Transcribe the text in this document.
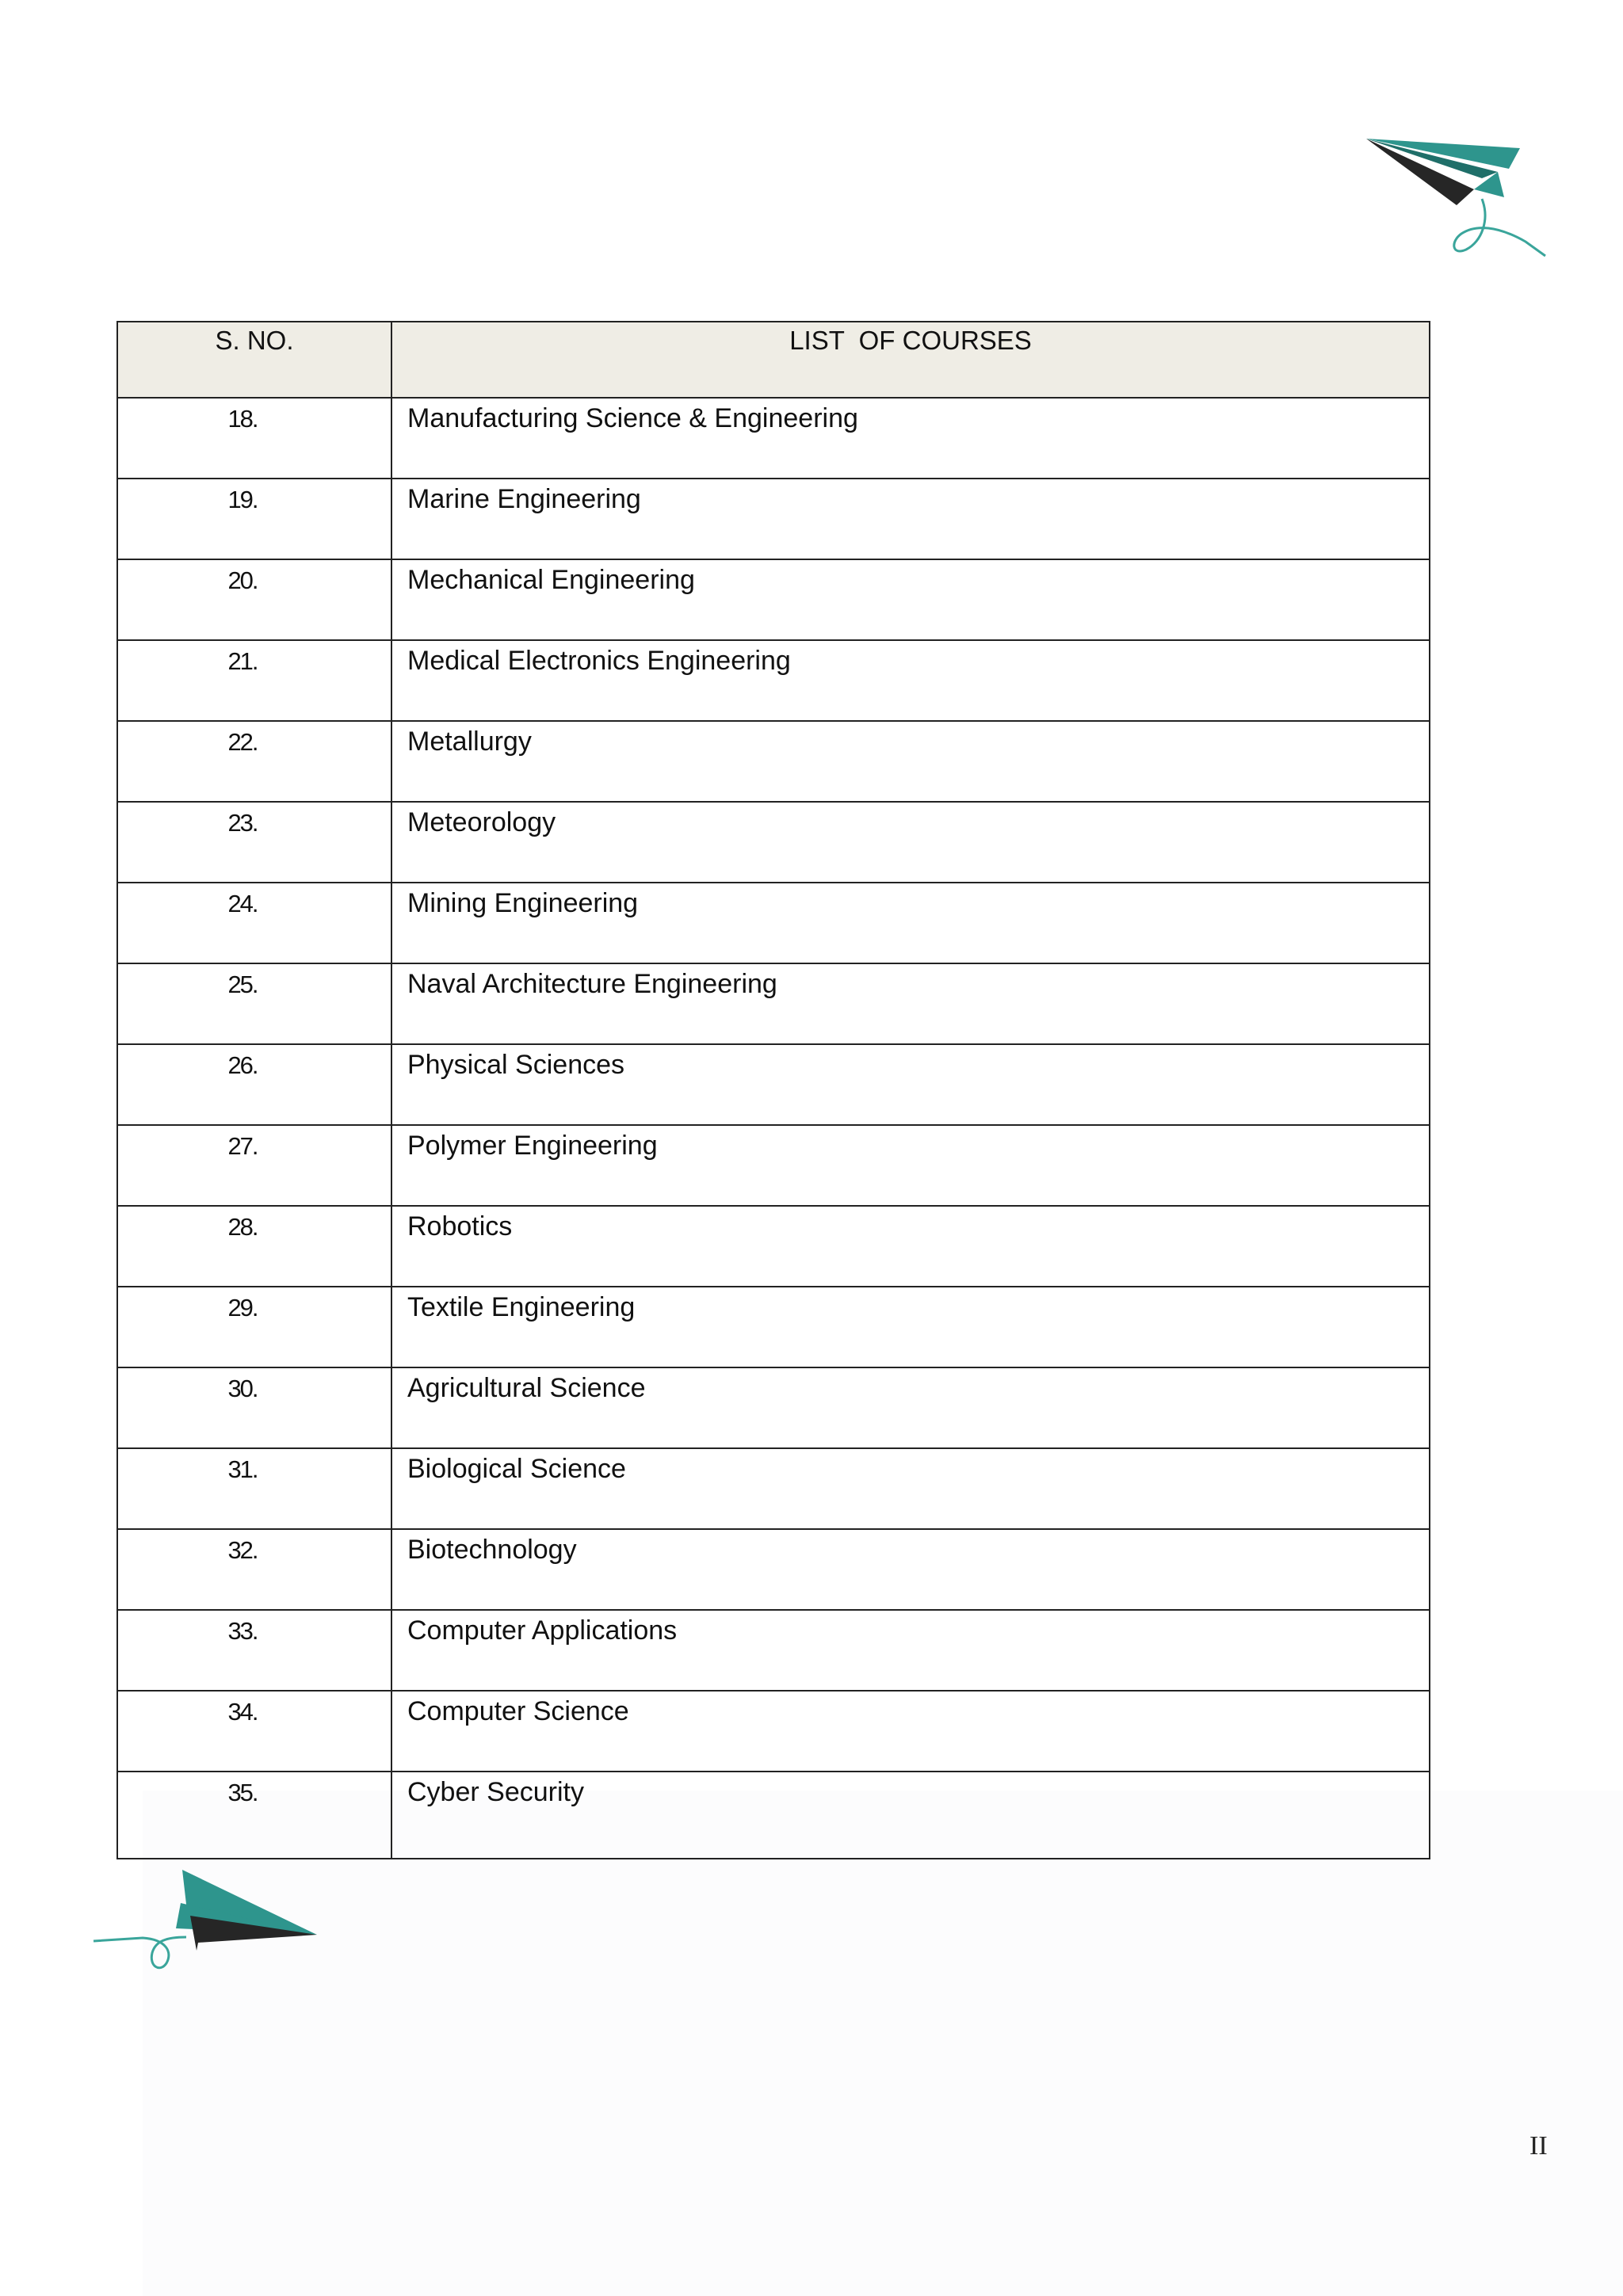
S. NO.	LIST  OF COURSES
18.	Manufacturing Science & Engineering
19.	Marine Engineering
20.	Mechanical Engineering
21.	Medical Electronics Engineering
22.	Metallurgy
23.	Meteorology
24.	Mining Engineering
25.	Naval Architecture Engineering
26.	Physical Sciences
27.	Polymer Engineering
28.	Robotics
29.	Textile Engineering
30.	Agricultural Science
31.	Biological Science
32.	Biotechnology
33.	Computer Applications
34.	Computer Science
35.	Cyber Security
II
